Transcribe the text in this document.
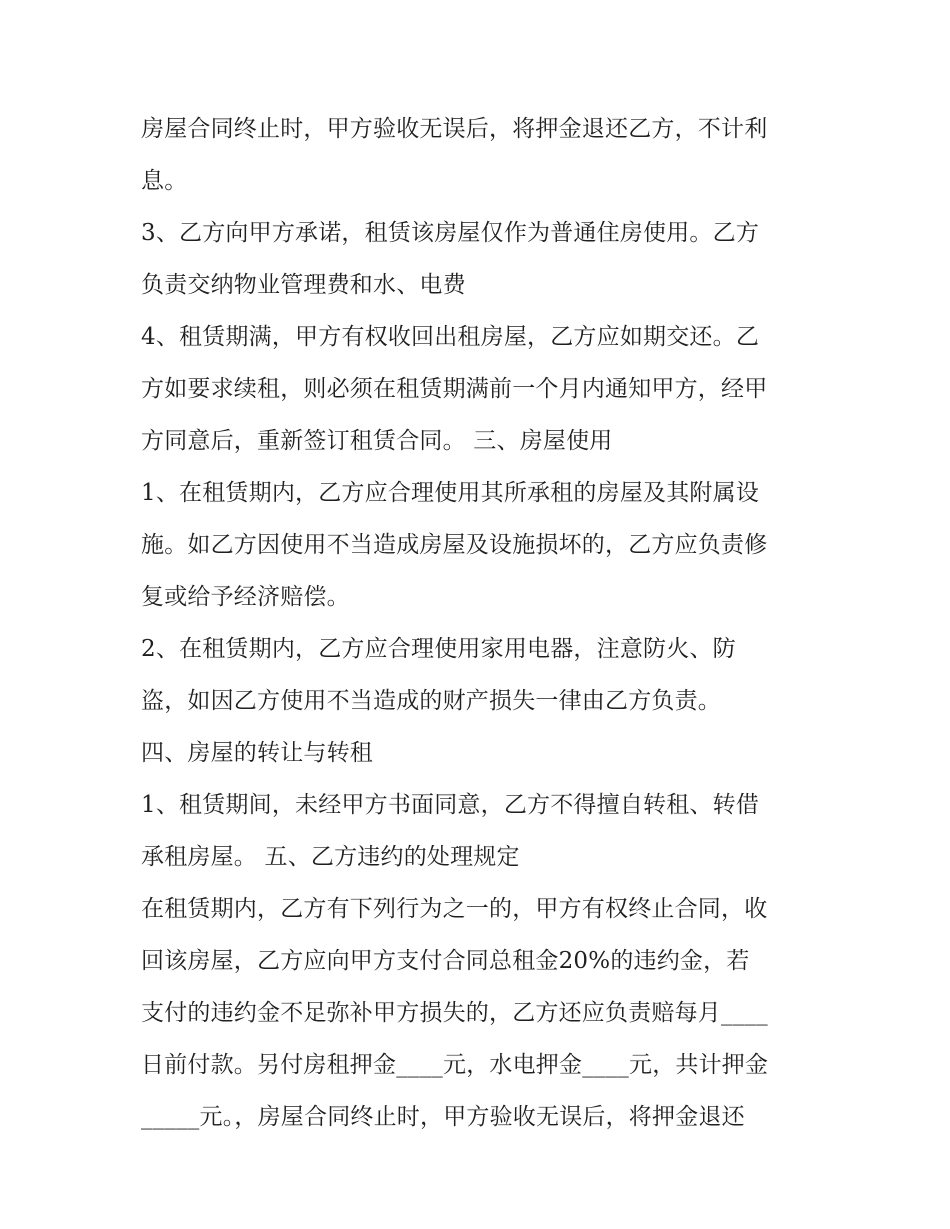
房屋合同终止时，甲方验收无误后，将押金退还乙方，不计利
息。
3、乙方向甲方承诺，租赁该房屋仅作为普通住房使用。乙方
负责交纳物业管理费和水、电费
4、租赁期满，甲方有权收回出租房屋，乙方应如期交还。乙
方如要求续租，则必须在租赁期满前一个月内通知甲方，经甲
方同意后，重新签订租赁合同。 三、房屋使用
1、在租赁期内，乙方应合理使用其所承租的房屋及其附属设
施。如乙方因使用不当造成房屋及设施损坏的，乙方应负责修
复或给予经济赔偿。
2、在租赁期内，乙方应合理使用家用电器，注意防火、防
盗，如因乙方使用不当造成的财产损失一律由乙方负责。
四、房屋的转让与转租
1、租赁期间，未经甲方书面同意，乙方不得擅自转租、转借
承租房屋。 五、乙方违约的处理规定
在租赁期内，乙方有下列行为之一的，甲方有权终止合同，收
回该房屋，乙方应向甲方支付合同总租金20%的违约金，若
支付的违约金不足弥补甲方损失的，乙方还应负责赔每月____
日前付款。另付房租押金____元，水电押金____元，共计押金
_____元。，房屋合同终止时，甲方验收无误后，将押金退还
